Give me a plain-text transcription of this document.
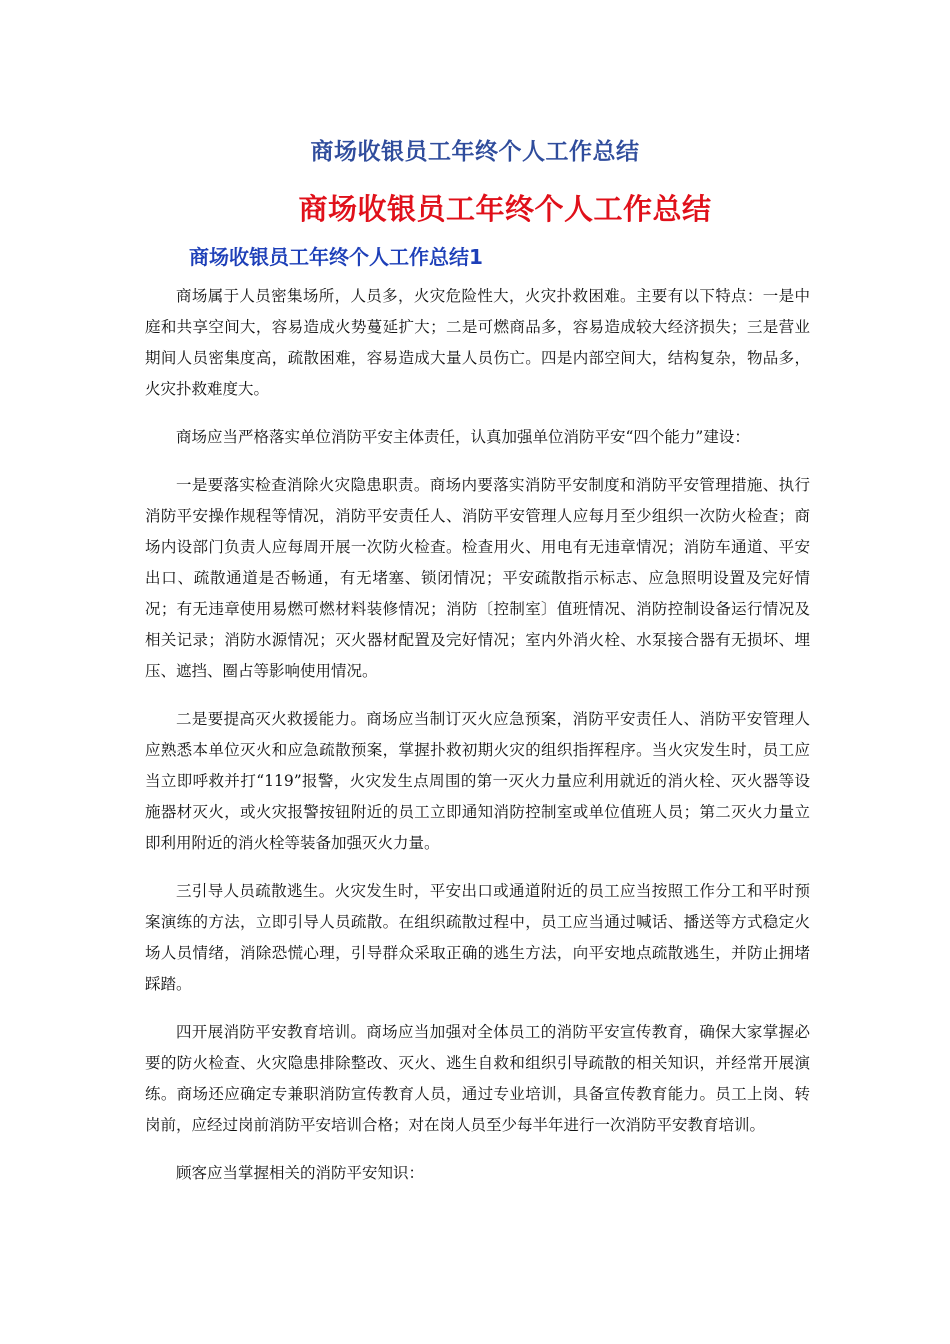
商场收银员工年终个人工作总结
商场收银员工年终个人工作总结
商场收银员工年终个人工作总结1

商场属于人员密集场所，人员多，火灾危险性大，火灾扑救困难。主要有以下特点：一是中庭和共享空间大，容易造成火势蔓延扩大；二是可燃商品多，容易造成较大经济损失；三是营业期间人员密集度高，疏散困难，容易造成大量人员伤亡。四是内部空间大，结构复杂，物品多，火灾扑救难度大。

商场应当严格落实单位消防平安主体责任，认真加强单位消防平安“四个能力”建设：

一是要落实检查消除火灾隐患职责。商场内要落实消防平安制度和消防平安管理措施、执行消防平安操作规程等情况，消防平安责任人、消防平安管理人应每月至少组织一次防火检查；商场内设部门负责人应每周开展一次防火检查。检查用火、用电有无违章情况；消防车通道、平安出口、疏散通道是否畅通，有无堵塞、锁闭情况；平安疏散指示标志、应急照明设置及完好情况；有无违章使用易燃可燃材料装修情况；消防〔控制室〕值班情况、消防控制设备运行情况及相关记录；消防水源情况；灭火器材配置及完好情况；室内外消火栓、水泵接合器有无损坏、埋压、遮挡、圈占等影响使用情况。

二是要提高灭火救援能力。商场应当制订灭火应急预案，消防平安责任人、消防平安管理人应熟悉本单位灭火和应急疏散预案，掌握扑救初期火灾的组织指挥程序。当火灾发生时，员工应当立即呼救并打“119”报警，火灾发生点周围的第一灭火力量应利用就近的消火栓、灭火器等设施器材灭火，或火灾报警按钮附近的员工立即通知消防控制室或单位值班人员；第二灭火力量立即利用附近的消火栓等装备加强灭火力量。

三引导人员疏散逃生。火灾发生时，平安出口或通道附近的员工应当按照工作分工和平时预案演练的方法，立即引导人员疏散。在组织疏散过程中，员工应当通过喊话、播送等方式稳定火场人员情绪，消除恐慌心理，引导群众采取正确的逃生方法，向平安地点疏散逃生，并防止拥堵踩踏。

四开展消防平安教育培训。商场应当加强对全体员工的消防平安宣传教育，确保大家掌握必要的防火检查、火灾隐患排除整改、灭火、逃生自救和组织引导疏散的相关知识，并经常开展演练。商场还应确定专兼职消防宣传教育人员，通过专业培训，具备宣传教育能力。员工上岗、转岗前，应经过岗前消防平安培训合格；对在岗人员至少每半年进行一次消防平安教育培训。

顾客应当掌握相关的消防平安知识：
